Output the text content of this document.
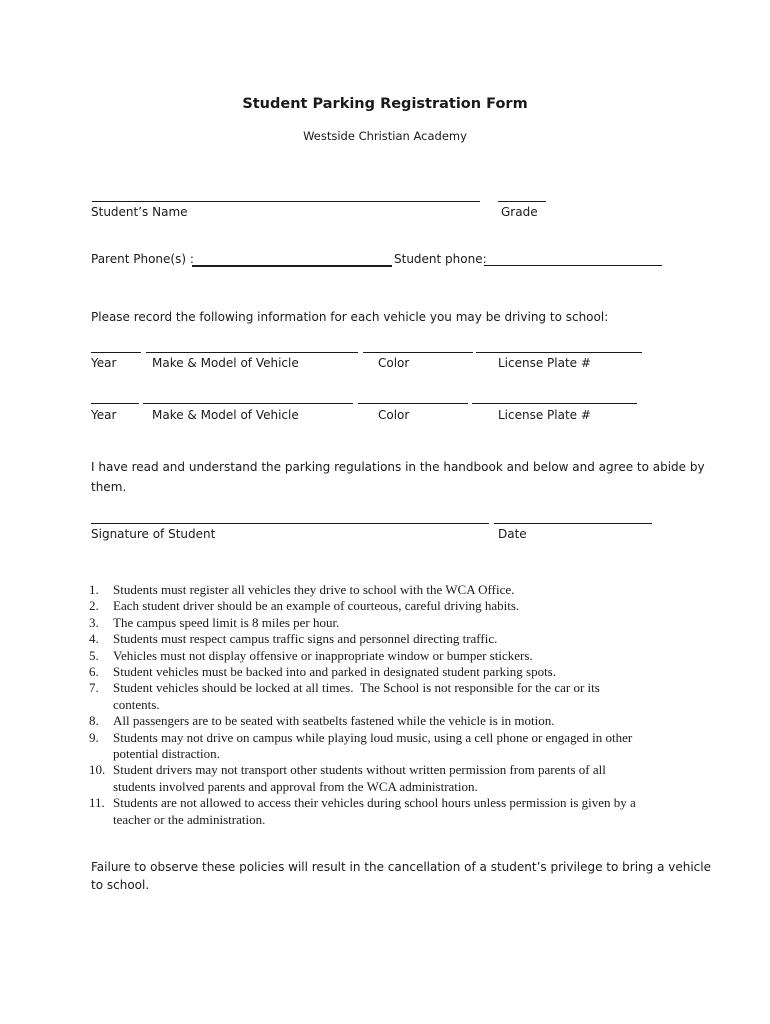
Student Parking Registration Form
Westside Christian Academy
Student’s Name	Grade
Parent Phone(s) :	Student phone:
Please record the following information for each vehicle you may be driving to school:
Year	Make & Model of Vehicle	Color	License Plate #
Year	Make & Model of Vehicle	Color	License Plate #
I have read and understand the parking regulations in the handbook and below and agree to abide by
them.
Signature of Student	Date
1. Students must register all vehicles they drive to school with the WCA Office.
2. Each student driver should be an example of courteous, careful driving habits.
3. The campus speed limit is 8 miles per hour.
4. Students must respect campus traffic signs and personnel directing traffic.
5. Vehicles must not display offensive or inappropriate window or bumper stickers.
6. Student vehicles must be backed into and parked in designated student parking spots.
7. Student vehicles should be locked at all times.  The School is not responsible for the car or its
contents.
8. All passengers are to be seated with seatbelts fastened while the vehicle is in motion.
9. Students may not drive on campus while playing loud music, using a cell phone or engaged in other
potential distraction.
10. Student drivers may not transport other students without written permission from parents of all
students involved parents and approval from the WCA administration.
11. Students are not allowed to access their vehicles during school hours unless permission is given by a
teacher or the administration.
Failure to observe these policies will result in the cancellation of a student’s privilege to bring a vehicle
to school.
